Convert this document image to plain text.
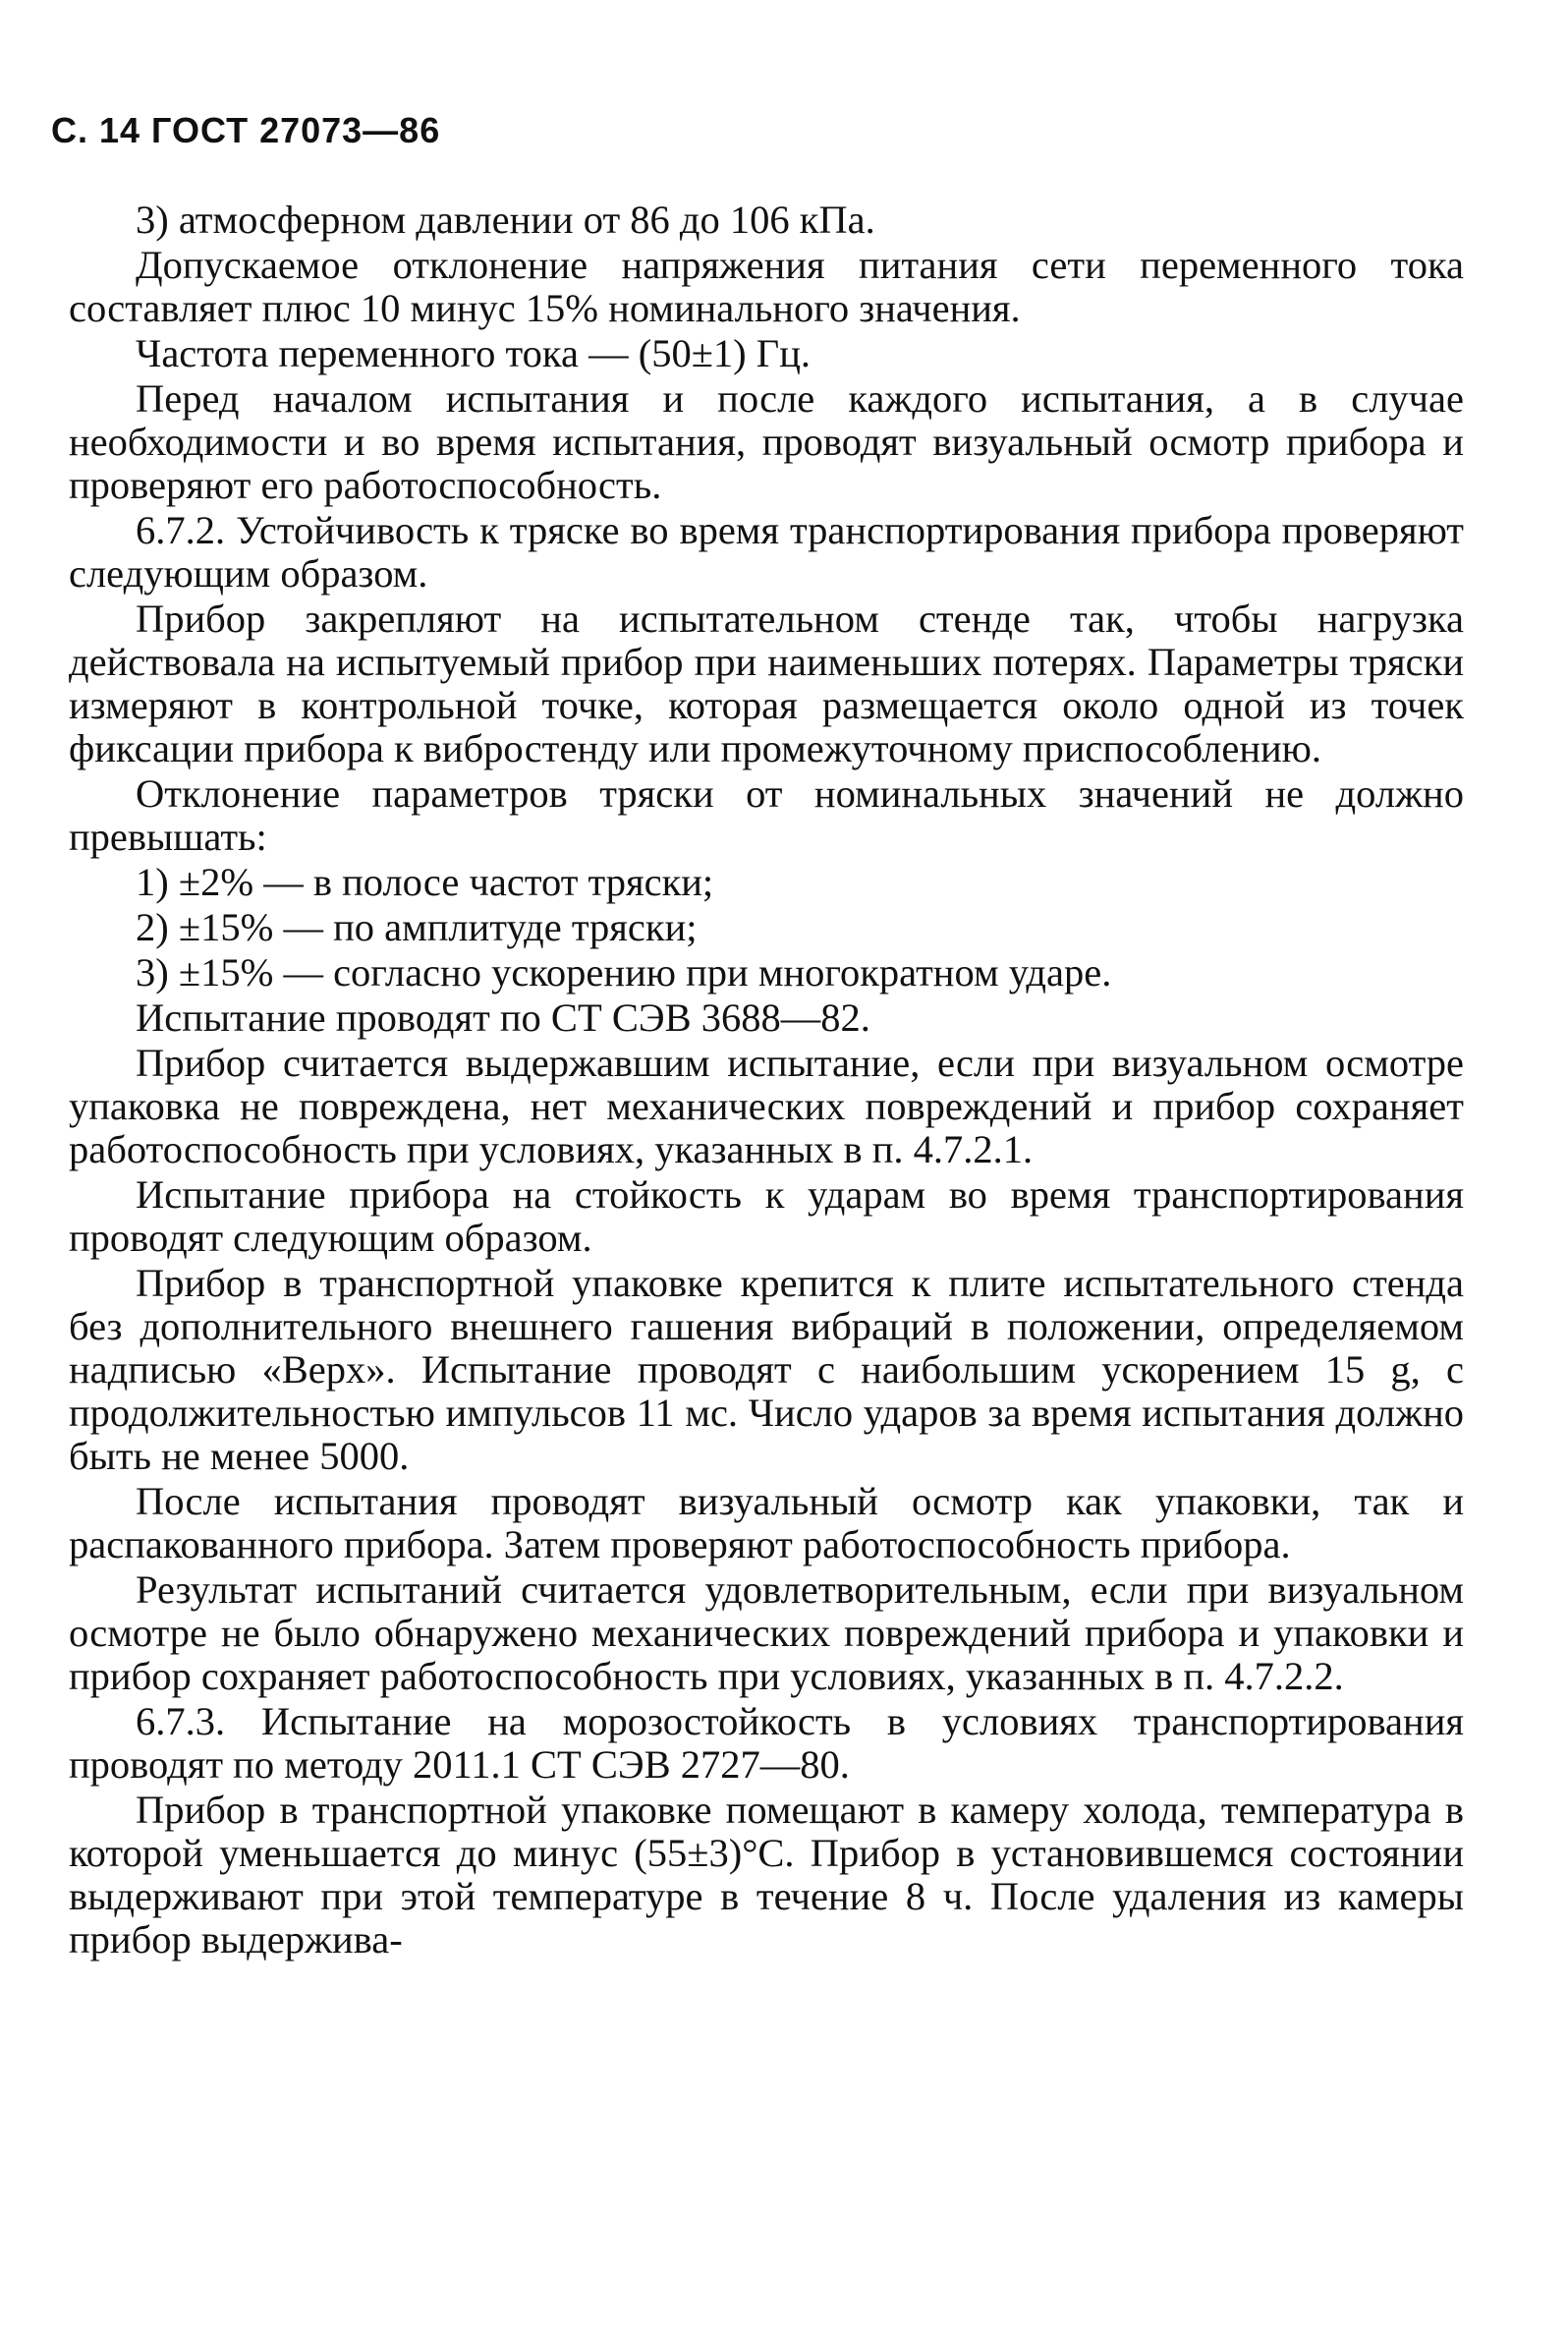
С. 14 ГОСТ 27073—86

3) атмосферном давлении от 86 до 106 кПа.

Допускаемое отклонение напряжения питания сети переменного тока составляет плюс 10 минус 15% номинального значения.

Частота переменного тока — (50±1) Гц.

Перед началом испытания и после каждого испытания, а в случае необходимости и во время испытания, проводят визуальный осмотр прибора и проверяют его работоспособность.

6.7.2. Устойчивость к тряске во время транспортирования прибора проверяют следующим образом.

Прибор закрепляют на испытательном стенде так, чтобы нагрузка действовала на испытуемый прибор при наименьших потерях. Параметры тряски измеряют в контрольной точке, которая размещается около одной из точек фиксации прибора к вибростенду или промежуточному приспособлению.

Отклонение параметров тряски от номинальных значений не должно превышать:

1) ±2% — в полосе частот тряски;

2) ±15% — по амплитуде тряски;

3) ±15% — согласно ускорению при многократном ударе.

Испытание проводят по СТ СЭВ 3688—82.

Прибор считается выдержавшим испытание, если при визуальном осмотре упаковка не повреждена, нет механических повреждений и прибор сохраняет работоспособность при условиях, указанных в п. 4.7.2.1.

Испытание прибора на стойкость к ударам во время транспортирования проводят следующим образом.

Прибор в транспортной упаковке крепится к плите испытательного стенда без дополнительного внешнего гашения вибраций в положении, определяемом надписью «Верх». Испытание проводят с наибольшим ускорением 15 g, с продолжительностью импульсов 11 мс. Число ударов за время испытания должно быть не менее 5000.

После испытания проводят визуальный осмотр как упаковки, так и распакованного прибора. Затем проверяют работоспособность прибора.

Результат испытаний считается удовлетворительным, если при визуальном осмотре не было обнаружено механических повреждений прибора и упаковки и прибор сохраняет работоспособность при условиях, указанных в п. 4.7.2.2.

6.7.3. Испытание на морозостойкость в условиях транспортирования проводят по методу 2011.1 СТ СЭВ 2727—80.

Прибор в транспортной упаковке помещают в камеру холода, температура в которой уменьшается до минус (55±3)°С. Прибор в установившемся состоянии выдерживают при этой температуре в течение 8 ч. После удаления из камеры прибор выдержива-
